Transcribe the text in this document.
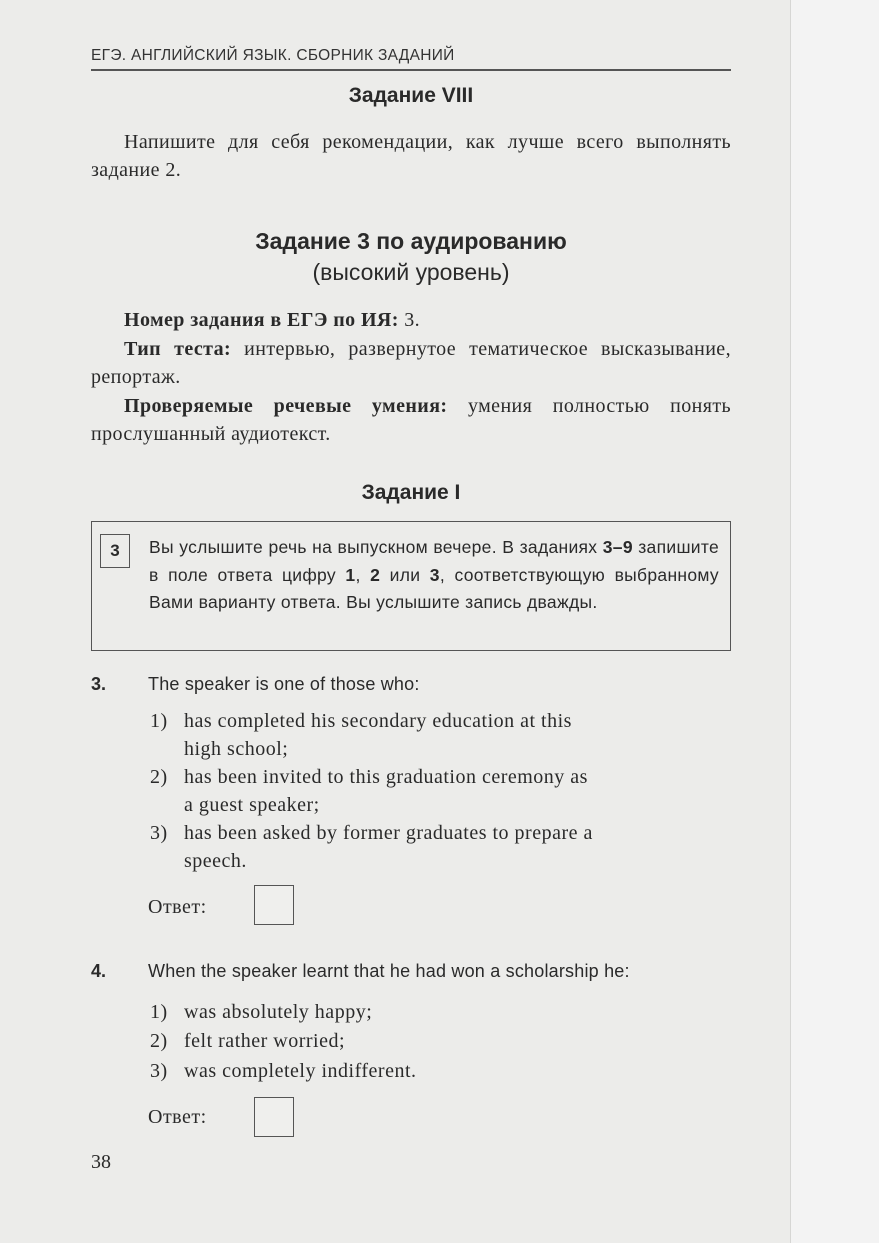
ЕГЭ. АНГЛИЙСКИЙ ЯЗЫК. СБОРНИК ЗАДАНИЙ
Задание VIII
Напишите для себя рекомендации, как лучше всего выполнять задание 2.
Задание 3 по аудированию
(высокий уровень)
Номер задания в ЕГЭ по ИЯ: 3.
Тип теста: интервью, развернутое тематическое высказывание, репортаж.
Проверяемые речевые умения: умения полностью понять прослушанный аудиотекст.
Задание I
3	Вы услышите речь на выпускном вечере. В заданиях 3–9 запишите в поле ответа цифру 1, 2 или 3, соответствующую выбранному Вами варианту ответа. Вы услышите запись дважды.
3. The speaker is one of those who:
1) has completed his secondary education at this
high school;
2) has been invited to this graduation ceremony as
a guest speaker;
3) has been asked by former graduates to prepare a
speech.
Ответ:
4. When the speaker learnt that he had won a scholarship he:
1) was absolutely happy;
2) felt rather worried;
3) was completely indifferent.
Ответ:
38
